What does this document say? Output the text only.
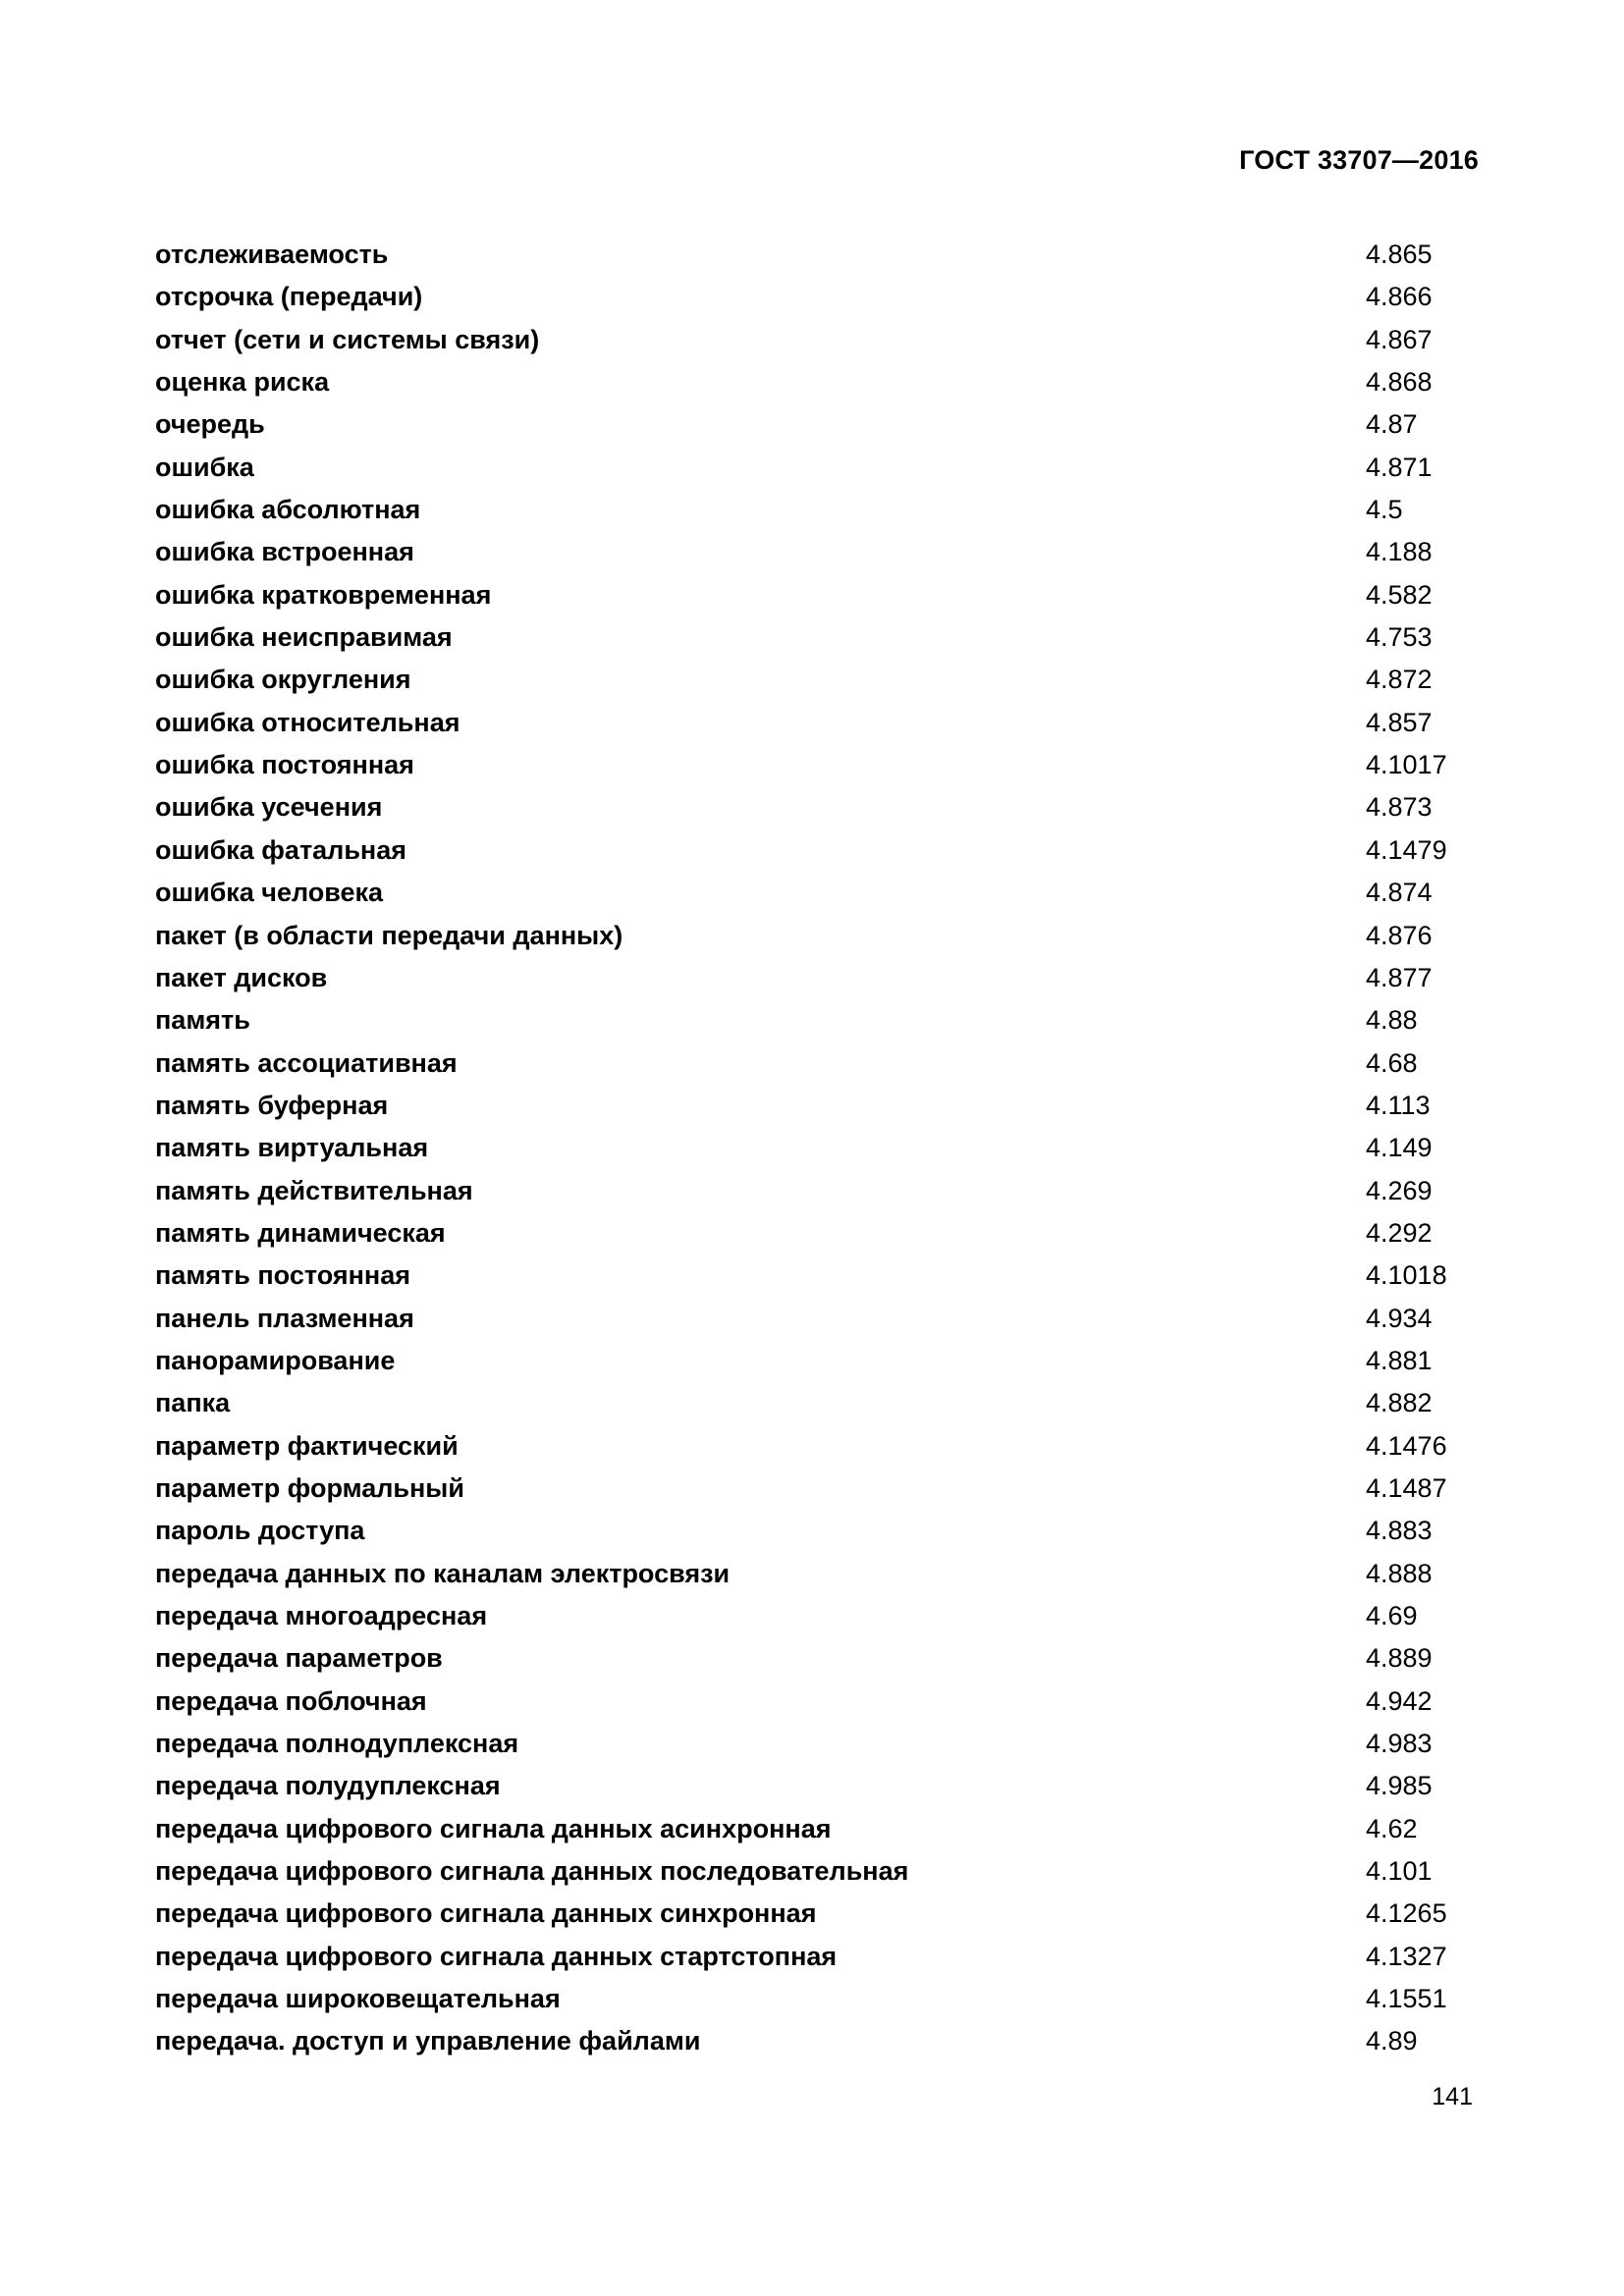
ГОСТ 33707—2016
отслеживаемость	4.865
отсрочка (передачи)	4.866
отчет (сети и системы связи)	4.867
оценка риска	4.868
очередь	4.87
ошибка	4.871
ошибка абсолютная	4.5
ошибка встроенная	4.188
ошибка кратковременная	4.582
ошибка неисправимая	4.753
ошибка округления	4.872
ошибка относительная	4.857
ошибка постоянная	4.1017
ошибка усечения	4.873
ошибка фатальная	4.1479
ошибка человека	4.874
пакет (в области передачи данных)	4.876
пакет дисков	4.877
память	4.88
память ассоциативная	4.68
память буферная	4.113
память виртуальная	4.149
память действительная	4.269
память динамическая	4.292
память постоянная	4.1018
панель плазменная	4.934
панорамирование	4.881
папка	4.882
параметр фактический	4.1476
параметр формальный	4.1487
пароль доступа	4.883
передача данных по каналам электросвязи	4.888
передача многоадресная	4.69
передача параметров	4.889
передача поблочная	4.942
передача полнодуплексная	4.983
передача полудуплексная	4.985
передача цифрового сигнала данных асинхронная	4.62
передача цифрового сигнала данных последовательная	4.101
передача цифрового сигнала данных синхронная	4.1265
передача цифрового сигнала данных стартстопная	4.1327
передача широковещательная	4.1551
передача. доступ и управление файлами	4.89
141
